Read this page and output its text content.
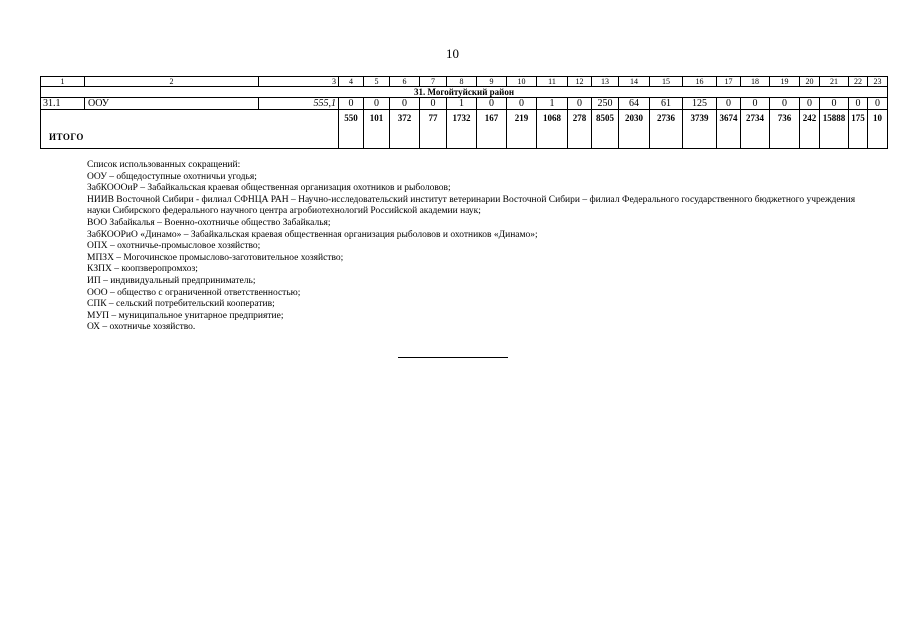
10
1	2	3	4	5	6	7	8	9	10	11	12	13	14	15	16	17	18	19	20	21	22	23
31. Могойтуйский район																						
31.1	ООУ	555,1	0	0	0	0	1	0	0	1	0	250	64	61	125	0	0	0	0	0	0	0
ИТОГО			550	101	372	77	1732	167	219	1068	278	8505	2030	2736	3739	3674	2734	736	242	15888	175	10
Список использованных сокращений:
ООУ – общедоступные охотничьи угодья;
ЗабКОООиР – Забайкальская краевая общественная организация охотников и рыболовов;
НИИВ Восточной Сибири - филиал СФНЦА РАН – Научно-исследовательский институт ветеринарии Восточной Сибири – филиал Федерального государственного бюджетного учреждения науки Сибирского федерального научного центра агробиотехнологий Российской академии наук;
ВОО Забайкалья – Военно-охотничье общество Забайкалья;
ЗабКООРиО «Динамо» – Забайкальская краевая общественная организация рыболовов и охотников «Динамо»;
ОПХ – охотничье-промысловое хозяйство;
МПЗХ – Могочинское промыслово-заготовительное хозяйство;
КЗПХ – коопзверопромхоз;
ИП – индивидуальный предприниматель;
ООО – общество с ограниченной ответственностью;
СПК – сельский потребительский кооператив;
МУП – муниципальное унитарное предприятие;
ОХ – охотничье хозяйство.
